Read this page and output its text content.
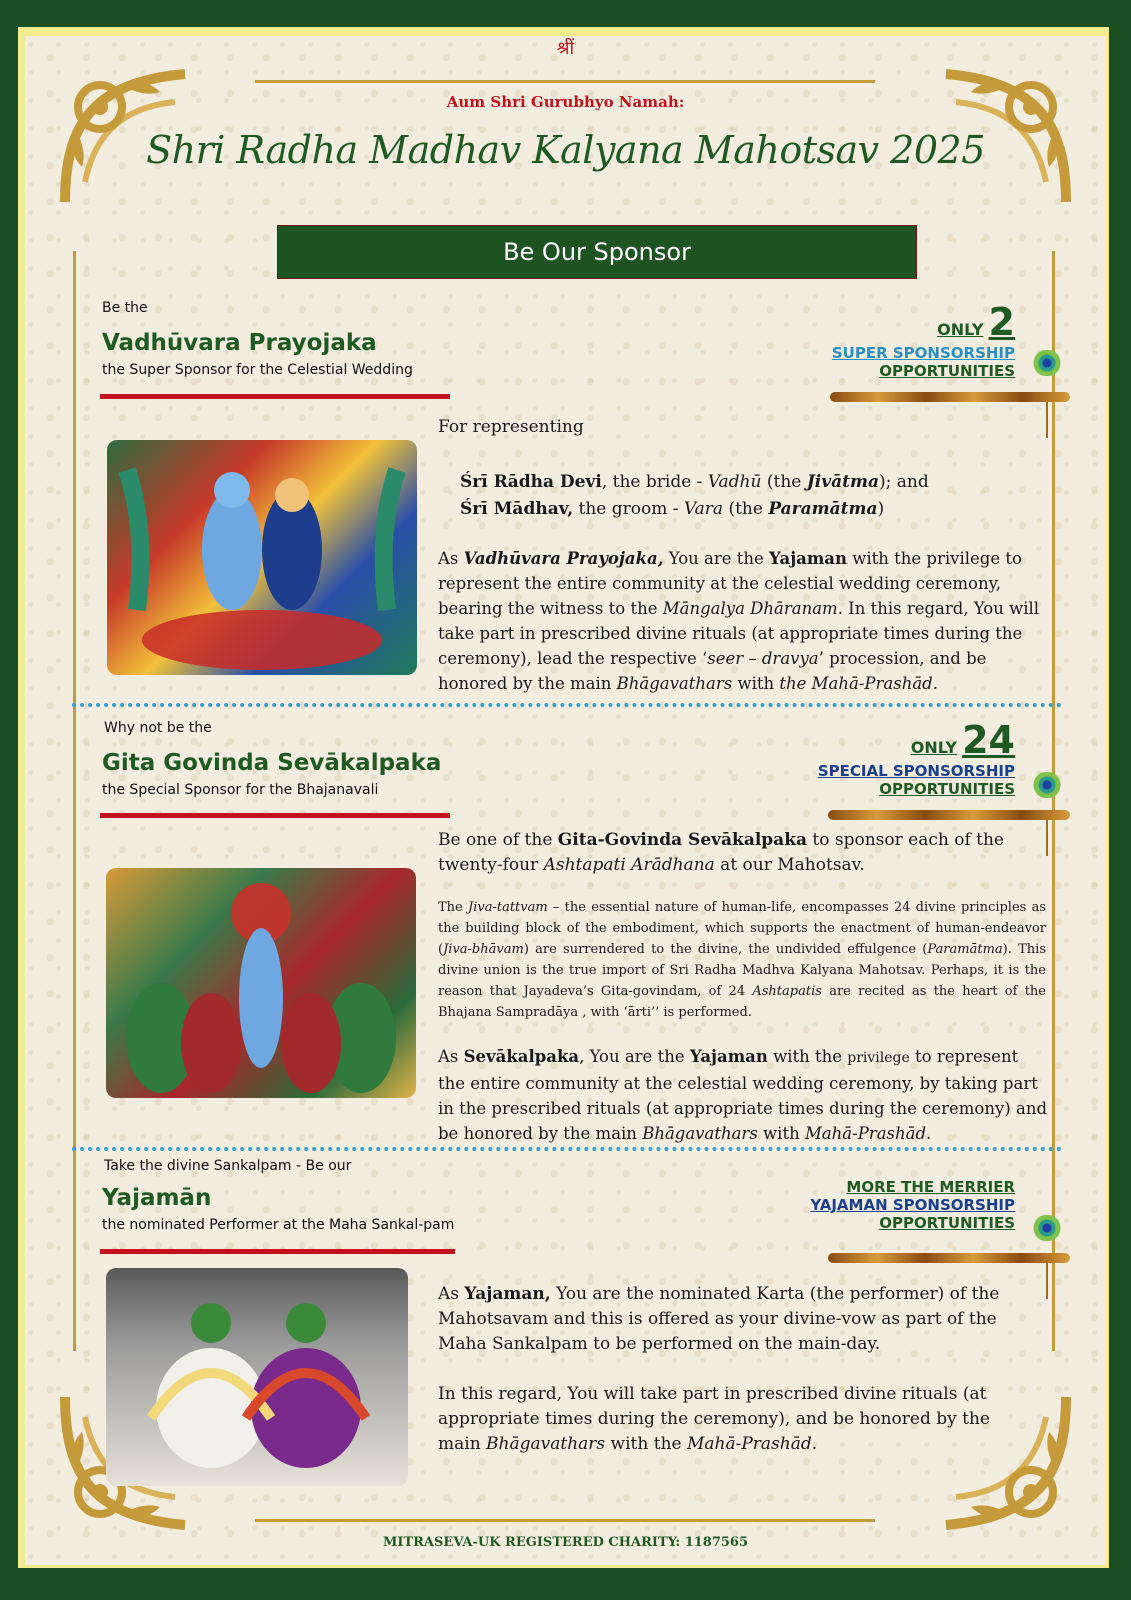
श्रीं
Aum Shri Gurubhyo Namah:
Shri Radha Madhav Kalyana Mahotsav 2025
Be Our Sponsor
Be the
Vadhūvara Prayojaka
the Super Sponsor for the Celestial Wedding
ONLY 2
SUPER SPONSORSHIP
OPPORTUNITIES
For representing
Śrī Rādha Devi, the bride - Vadhū (the Jivātma); and
Śrī Mādhav, the groom - Vara (the Paramātma)
As Vadhūvara Prayojaka, You are the Yajaman with the privilege to represent the entire community at the celestial wedding ceremony, bearing the witness to the Māngalya Dhāranam. In this regard, You will take part in prescribed divine rituals (at appropriate times during the ceremony), lead the respective ‘seer – dravya’ procession, and be honored by the main Bhāgavathars with the Mahā-Prashād.
Why not be the
Gita Govinda Sevākalpaka
the Special Sponsor for the Bhajanavali
ONLY 24
SPECIAL SPONSORSHIP
OPPORTUNITIES
Be one of the Gita-Govinda Sevākalpaka to sponsor each of the twenty-four Ashtapati Arādhana at our Mahotsav.
The Jiva-tattvam – the essential nature of human-life, encompasses 24 divine principles as the building block of the embodiment, which supports the enactment of human-endeavor (Jiva-bhāvam) are surrendered to the divine, the undivided effulgence (Paramātma). This divine union is the true import of Sri Radha Madhva Kalyana Mahotsav. Perhaps, it is the reason that Jayadeva’s Gita-govindam, of 24 Ashtapatis are recited as the heart of the Bhajana Sampradāya , with ‘ārti’’ is performed.
As Sevākalpaka, You are the Yajaman with the privilege to represent the entire community at the celestial wedding ceremony, by taking part in the prescribed rituals (at appropriate times during the ceremony) and be honored by the main Bhāgavathars with Mahā-Prashād.
Take the divine Sankalpam - Be our
Yajamān
the nominated Performer at the Maha Sankal-pam
MORE THE MERRIER
YAJAMAN SPONSORSHIP
OPPORTUNITIES
As Yajaman, You are the nominated Karta (the performer) of the Mahotsavam and this is offered as your divine-vow as part of the Maha Sankalpam to be performed on the main-day.
In this regard, You will take part in prescribed divine rituals (at appropriate times during the ceremony), and be honored by the main Bhāgavathars with the Mahā-Prashād.
MITRASEVA-UK REGISTERED CHARITY: 1187565
